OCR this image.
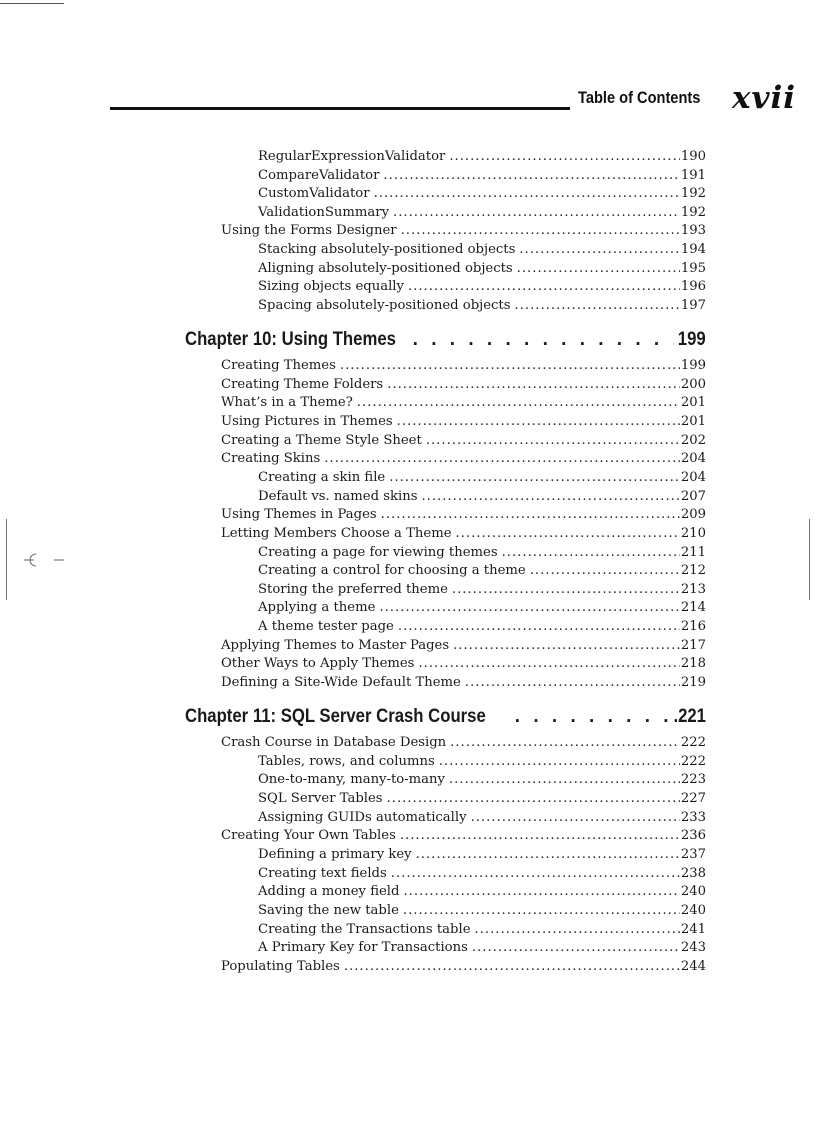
Table of Contents xvii
RegularExpressionValidator .....	190
CompareValidator .....	191
CustomValidator .....	192
ValidationSummary .....	192
Using the Forms Designer .....	193
Stacking absolutely-positioned objects .....	194
Aligning absolutely-positioned objects .....	195
Sizing objects equally .....	196
Spacing absolutely-positioned objects .....	197
Chapter 10: Using Themes . . .	199
Creating Themes .....	199
Creating Theme Folders .....	200
What’s in a Theme? .....	201
Using Pictures in Themes .....	201
Creating a Theme Style Sheet .....	202
Creating Skins .....	204
Creating a skin file .....	204
Default vs. named skins .....	207
Using Themes in Pages .....	209
Letting Members Choose a Theme .....	210
Creating a page for viewing themes .....	211
Creating a control for choosing a theme .....	212
Storing the preferred theme .....	213
Applying a theme .....	214
A theme tester page .....	216
Applying Themes to Master Pages .....	217
Other Ways to Apply Themes .....	218
Defining a Site-Wide Default Theme .....	219
Chapter 11: SQL Server Crash Course . . .	.221
Crash Course in Database Design .....	222
Tables, rows, and columns .....	222
One-to-many, many-to-many .....	223
SQL Server Tables .....	227
Assigning GUIDs automatically .....	233
Creating Your Own Tables .....	236
Defining a primary key .....	237
Creating text fields .....	238
Adding a money field .....	240
Saving the new table .....	240
Creating the Transactions table .....	241
A Primary Key for Transactions .....	243
Populating Tables .....	244
